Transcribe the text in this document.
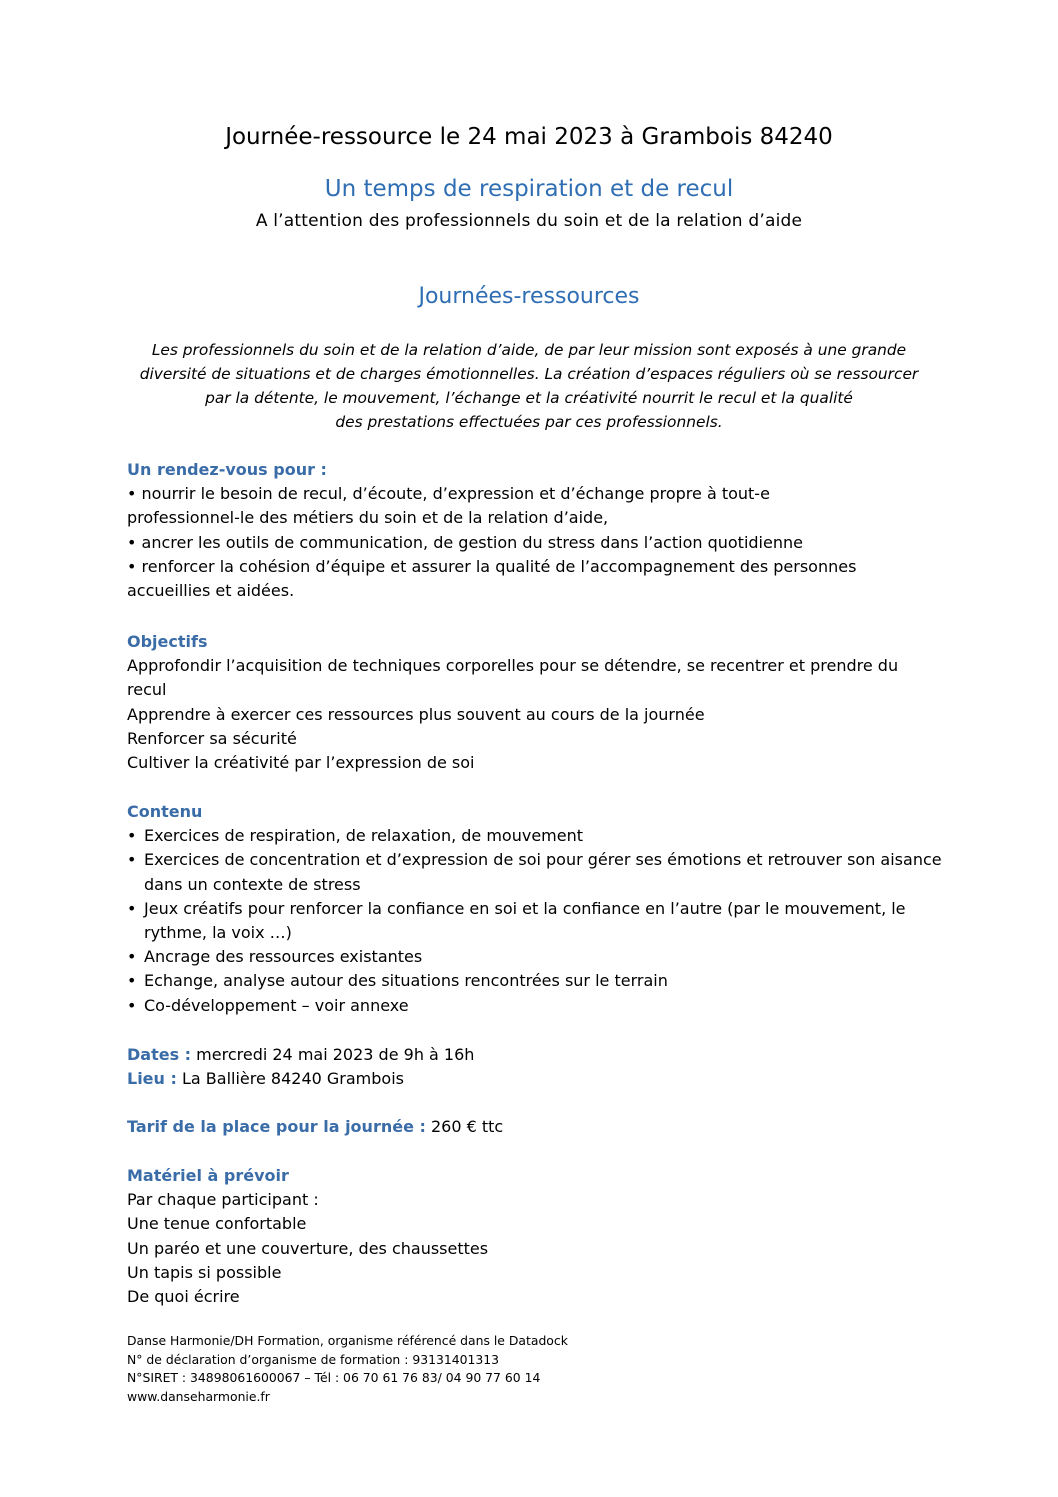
Journée-ressource le 24 mai 2023 à Grambois 84240
Un temps de respiration et de recul
A l’attention des professionnels du soin et de la relation d’aide
Journées-ressources

Les professionnels du soin et de la relation d’aide, de par leur mission sont exposés à une grande

diversité de situations et de charges émotionnelles. La création d’espaces réguliers où se ressourcer

par la détente, le mouvement, l’échange et la créativité nourrit le recul et la qualité

des prestations effectuées par ces professionnels.

Un rendez-vous pour :

• nourrir le besoin de recul, d’écoute, d’expression et d’échange propre à tout-e

professionnel-le des métiers du soin et de la relation d’aide,

• ancrer les outils de communication, de gestion du stress dans l’action quotidienne

• renforcer la cohésion d’équipe et assurer la qualité de l’accompagnement des personnes

accueillies et aidées.

Objectifs

Approfondir l’acquisition de techniques corporelles pour se détendre, se recentrer et prendre du

recul

Apprendre à exercer ces ressources plus souvent au cours de la journée

Renforcer sa sécurité

Cultiver la créativité par l’expression de soi

Contenu

• Exercices de respiration, de relaxation, de mouvement
• Exercices de concentration et d’expression de soi pour gérer ses émotions et retrouver son aisance dans un contexte de stress
• Jeux créatifs pour renforcer la confiance en soi et la confiance en l’autre (par le mouvement, le rythme, la voix …)
• Ancrage des ressources existantes
• Echange, analyse autour des situations rencontrées sur le terrain
• Co-développement – voir annexe

Dates : mercredi 24 mai 2023 de 9h à 16h

Lieu : La Ballière 84240 Grambois

Tarif de la place pour la journée : 260 € ttc

Matériel à prévoir

Par chaque participant :

Une tenue confortable

Un paréo et une couverture, des chaussettes

Un tapis si possible

De quoi écrire

Danse Harmonie/DH Formation, organisme référencé dans le Datadock

N° de déclaration d’organisme de formation : 93131401313

N°SIRET : 34898061600067 – Tél : 06 70 61 76 83/ 04 90 77 60 14

www.danseharmonie.fr
